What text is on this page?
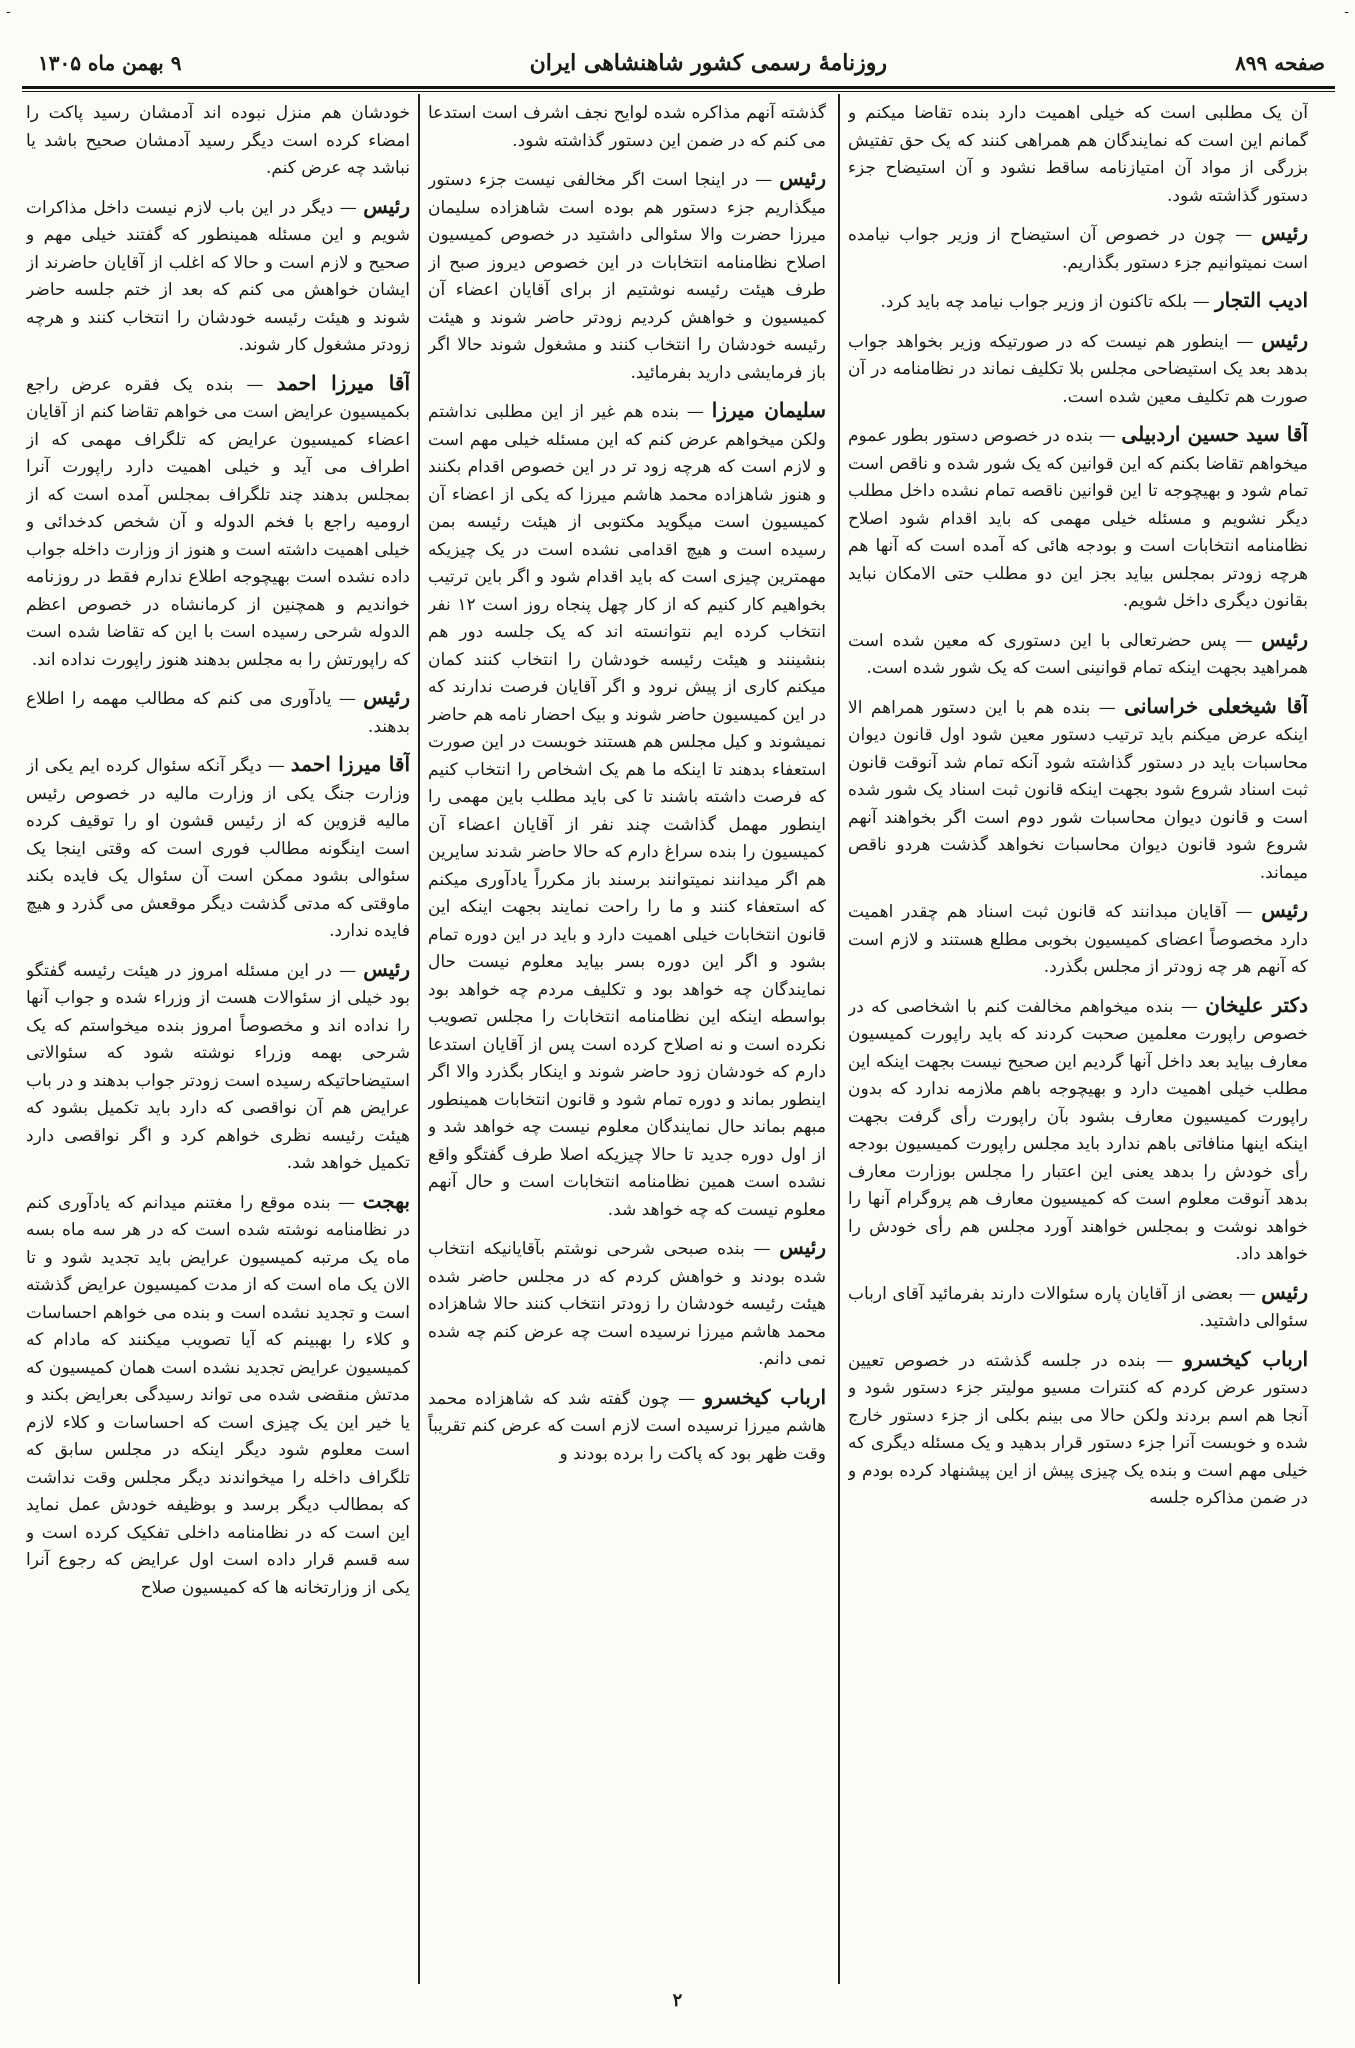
-	-
صفحه ۸۹۹
روزنامهٔ رسمی کشور شاهنشاهی ایران
۹ بهمن ماه ۱۳۰۵

آن یک مطلبی است که خیلی اهمیت دارد بنده تقاضا میکنم و گمانم این است که نمایندگان هم همراهی کنند که یک حق تفتیش بزرگی از مواد آن امتیازنامه ساقط نشود و آن استیضاح جزء دستور گذاشته شود.

رئیس — چون در خصوص آن استیضاح از وزیر جواب نیامده است نمیتوانیم جزء دستور بگذاریم.

ادیب التجار — بلکه تاکنون از وزیر جواب نیامد چه باید کرد.

رئیس — اینطور هم نیست که در صورتیکه وزیر بخواهد جواب بدهد بعد یک استیضاحی مجلس بلا تکلیف نماند در نظامنامه در آن صورت هم تکلیف معین شده است.

آقا سید حسین اردبیلی — بنده در خصوص دستور بطور عموم میخواهم تقاضا بکنم که این قوانین که یک شور شده و ناقص است تمام شود و بهیچوجه تا این قوانین ناقصه تمام نشده داخل مطلب دیگر نشویم و مسئله خیلی مهمی که باید اقدام شود اصلاح نظامنامه انتخابات است و بودجه هائی که آمده است که آنها هم هرچه زودتر بمجلس بیاید بجز این دو مطلب حتی الامکان نباید بقانون دیگری داخل شویم.

رئیس — پس حضرتعالی با این دستوری که معین شده است همراهید بجهت اینکه تمام قوانینی است که یک شور شده است.

آقا شیخعلی خراسانی — بنده هم با این دستور همراهم الا اینکه عرض میکنم باید ترتیب دستور معین شود اول قانون دیوان محاسبات باید در دستور گذاشته شود آنکه تمام شد آنوقت قانون ثبت اسناد شروع شود بجهت اینکه قانون ثبت اسناد یک شور شده است و قانون دیوان محاسبات شور دوم است اگر بخواهند آنهم شروع شود قانون دیوان محاسبات نخواهد گذشت هردو ناقص میماند.

رئیس — آقایان مبدانند که قانون ثبت اسناد هم چقدر اهمیت دارد مخصوصاً اعضای کمیسیون بخوبی مطلع هستند و لازم است که آنهم هر چه زودتر از مجلس بگذرد.

دکتر علیخان — بنده میخواهم مخالفت کنم با اشخاصی که در خصوص راپورت معلمین صحبت کردند که باید راپورت کمیسیون معارف بیاید بعد داخل آنها گردیم این صحیح نیست بجهت اینکه این مطلب خیلی اهمیت دارد و بهیچوجه باهم ملازمه ندارد که بدون راپورت کمیسیون معارف بشود بآن راپورت رأی گرفت بجهت اینکه اینها منافاتی باهم ندارد باید مجلس راپورت کمیسیون بودجه رأی خودش را بدهد یعنی این اعتبار را مجلس بوزارت معارف بدهد آنوقت معلوم است که کمیسیون معارف هم پروگرام آنها را خواهد نوشت و بمجلس خواهند آورد مجلس هم رأی خودش را خواهد داد.

رئیس — بعضی از آقایان پاره سئوالات دارند بفرمائید آقای ارباب سئوالی داشتید.

ارباب کیخسرو — بنده در جلسه گذشته در خصوص تعیین دستور عرض کردم که کنترات مسیو مولیتر جزء دستور شود و آنجا هم اسم بردند ولکن حالا می بینم بکلی از جزء دستور خارج شده و خوبست آنرا جزء دستور قرار بدهید و یک مسئله دیگری که خیلی مهم است و بنده یک چیزی پیش از این پیشنهاد کرده بودم و در ضمن مذاکره جلسه

گذشته آنهم مذاکره شده لوایح نجف اشرف است استدعا می کنم که در ضمن این دستور گذاشته شود.

رئیس — در اینجا است اگر مخالفی نیست جزء دستور میگذاریم جزء دستور هم بوده است شاهزاده سلیمان میرزا حضرت والا سئوالی داشتید در خصوص کمیسیون اصلاح نظامنامه انتخابات در این خصوص دیروز صبح از طرف هیئت رئیسه نوشتیم از برای آقایان اعضاء آن کمیسیون و خواهش کردیم زودتر حاضر شوند و هیئت رئیسه خودشان را انتخاب کنند و مشغول شوند حالا اگر باز فرمایشی دارید بفرمائید.

سلیمان میرزا — بنده هم غیر از این مطلبی نداشتم ولکن میخواهم عرض کنم که این مسئله خیلی مهم است و لازم است که هرچه زود تر در این خصوص اقدام بکنند و هنوز شاهزاده محمد هاشم میرزا که یکی از اعضاء آن کمیسیون است میگوید مکتوبی از هیئت رئیسه بمن رسیده است و هیچ اقدامی نشده است در یک چیزیکه مهمترین چیزی است که باید اقدام شود و اگر باین ترتیب بخواهیم کار کنیم که از کار چهل پنجاه روز است ۱۲ نفر انتخاب کرده ایم نتوانسته اند که یک جلسه دور هم بنشینند و هیئت رئیسه خودشان را انتخاب کنند کمان میکنم کاری از پیش نرود و اگر آقایان فرصت ندارند که در این کمیسیون حاضر شوند و بیک احضار نامه هم حاضر نمیشوند و کیل مجلس هم هستند خوبست در این صورت استعفاء بدهند تا اینکه ما هم یک اشخاص را انتخاب کنیم که فرصت داشته باشند تا کی باید مطلب باین مهمی را اینطور مهمل گذاشت چند نفر از آقایان اعضاء آن کمیسیون را بنده سراغ دارم که حالا حاضر شدند سایرین هم اگر میدانند نمیتوانند برسند باز مکرراً یادآوری میکنم که استعفاء کنند و ما را راحت نمایند بجهت اینکه این قانون انتخابات خیلی اهمیت دارد و باید در این دوره تمام بشود و اگر این دوره بسر بیاید معلوم نیست حال نمایندگان چه خواهد بود و تکلیف مردم چه خواهد بود بواسطه اینکه این نظامنامه انتخابات را مجلس تصویب نکرده است و نه اصلاح کرده است پس از آقایان استدعا دارم که خودشان زود حاضر شوند و اینکار بگذرد والا اگر اینطور بماند و دوره تمام شود و قانون انتخابات همینطور مبهم بماند حال نمایندگان معلوم نیست چه خواهد شد و از اول دوره جدید تا حالا چیزیکه اصلا طرف گفتگو واقع نشده است همین نظامنامه انتخابات است و حال آنهم معلوم نیست که چه خواهد شد.

رئیس — بنده صبحی شرحی نوشتم بآقایانیکه انتخاب شده بودند و خواهش کردم که در مجلس حاضر شده هیئت رئیسه خودشان را زودتر انتخاب کنند حالا شاهزاده محمد هاشم میرزا نرسیده است چه عرض کنم چه شده نمی دانم.

ارباب کیخسرو — چون گفته شد که شاهزاده محمد هاشم میرزا نرسیده است لازم است که عرض کنم تقریباً وقت ظهر بود که پاکت را برده بودند و

خودشان هم منزل نبوده اند آدمشان رسید پاکت را امضاء کرده است دیگر رسید آدمشان صحیح باشد یا نباشد چه عرض کنم.

رئیس — دیگر در این باب لازم نیست داخل مذاکرات شویم و این مسئله همینطور که گفتند خیلی مهم و صحیح و لازم است و حالا که اغلب از آقایان حاضرند از ایشان خواهش می کنم که بعد از ختم جلسه حاضر شوند و هیئت رئیسه خودشان را انتخاب کنند و هرچه زودتر مشغول کار شوند.

آقا میرزا احمد — بنده یک فقره عرض راجع بکمیسیون عرایض است می خواهم تقاضا کنم از آقایان اعضاء کمیسیون عرایض که تلگراف مهمی که از اطراف می آید و خیلی اهمیت دارد راپورت آنرا بمجلس بدهند چند تلگراف بمجلس آمده است که از ارومیه راجع با فخم الدوله و آن شخص کدخدائی و خیلی اهمیت داشته است و هنوز از وزارت داخله جواب داده نشده است بهیچوجه اطلاع ندارم فقط در روزنامه خواندیم و همچنین از کرمانشاه در خصوص اعظم الدوله شرحی رسیده است با این که تقاضا شده است که راپورتش را به مجلس بدهند هنوز راپورت نداده اند.

رئیس — یادآوری می کنم که مطالب مهمه را اطلاع بدهند.

آقا میرزا احمد — دیگر آنکه سئوال کرده ایم یکی از وزارت جنگ یکی از وزارت مالیه در خصوص رئیس مالیه قزوین که از رئیس قشون او را توقیف کرده است اینگونه مطالب فوری است که وقتی اینجا یک سئوالی بشود ممکن است آن سئوال یک فایده بکند ماوقتی که مدتی گذشت دیگر موقعش می گذرد و هیچ فایده ندارد.

رئیس — در این مسئله امروز در هیئت رئیسه گفتگو بود خیلی از سئوالات هست از وزراء شده و جواب آنها را نداده اند و مخصوصاً امروز بنده میخواستم که یک شرحی بهمه وزراء نوشته شود که سئوالاتی استیضاحاتیکه رسیده است زودتر جواب بدهند و در باب عرایض هم آن نواقصی که دارد باید تکمیل بشود که هیئت رئیسه نظری خواهم کرد و اگر نواقصی دارد تکمیل خواهد شد.

بهجت — بنده موقع را مغتنم میدانم که یادآوری کنم در نظامنامه نوشته شده است که در هر سه ماه بسه ماه یک مرتبه کمیسیون عرایض باید تجدید شود و تا الان یک ماه است که از مدت کمیسیون عرایض گذشته است و تجدید نشده است و بنده می خواهم احساسات و کلاء را بهبینم که آیا تصویب میکنند که مادام که کمیسیون عرایض تجدید نشده است همان کمیسیون که مدتش منقضی شده می تواند رسیدگی بعرایض بکند و یا خیر این یک چیزی است که احساسات و کلاء لازم است معلوم شود دیگر اینکه در مجلس سابق که تلگراف داخله را میخواندند دیگر مجلس وقت نداشت که بمطالب دیگر برسد و بوظیفه خودش عمل نماید این است که در نظامنامه داخلی تفکیک کرده است و سه قسم قرار داده است اول عرایض که رجوع آنرا یکی از وزارتخانه ها که کمیسیون صلاح

۲
